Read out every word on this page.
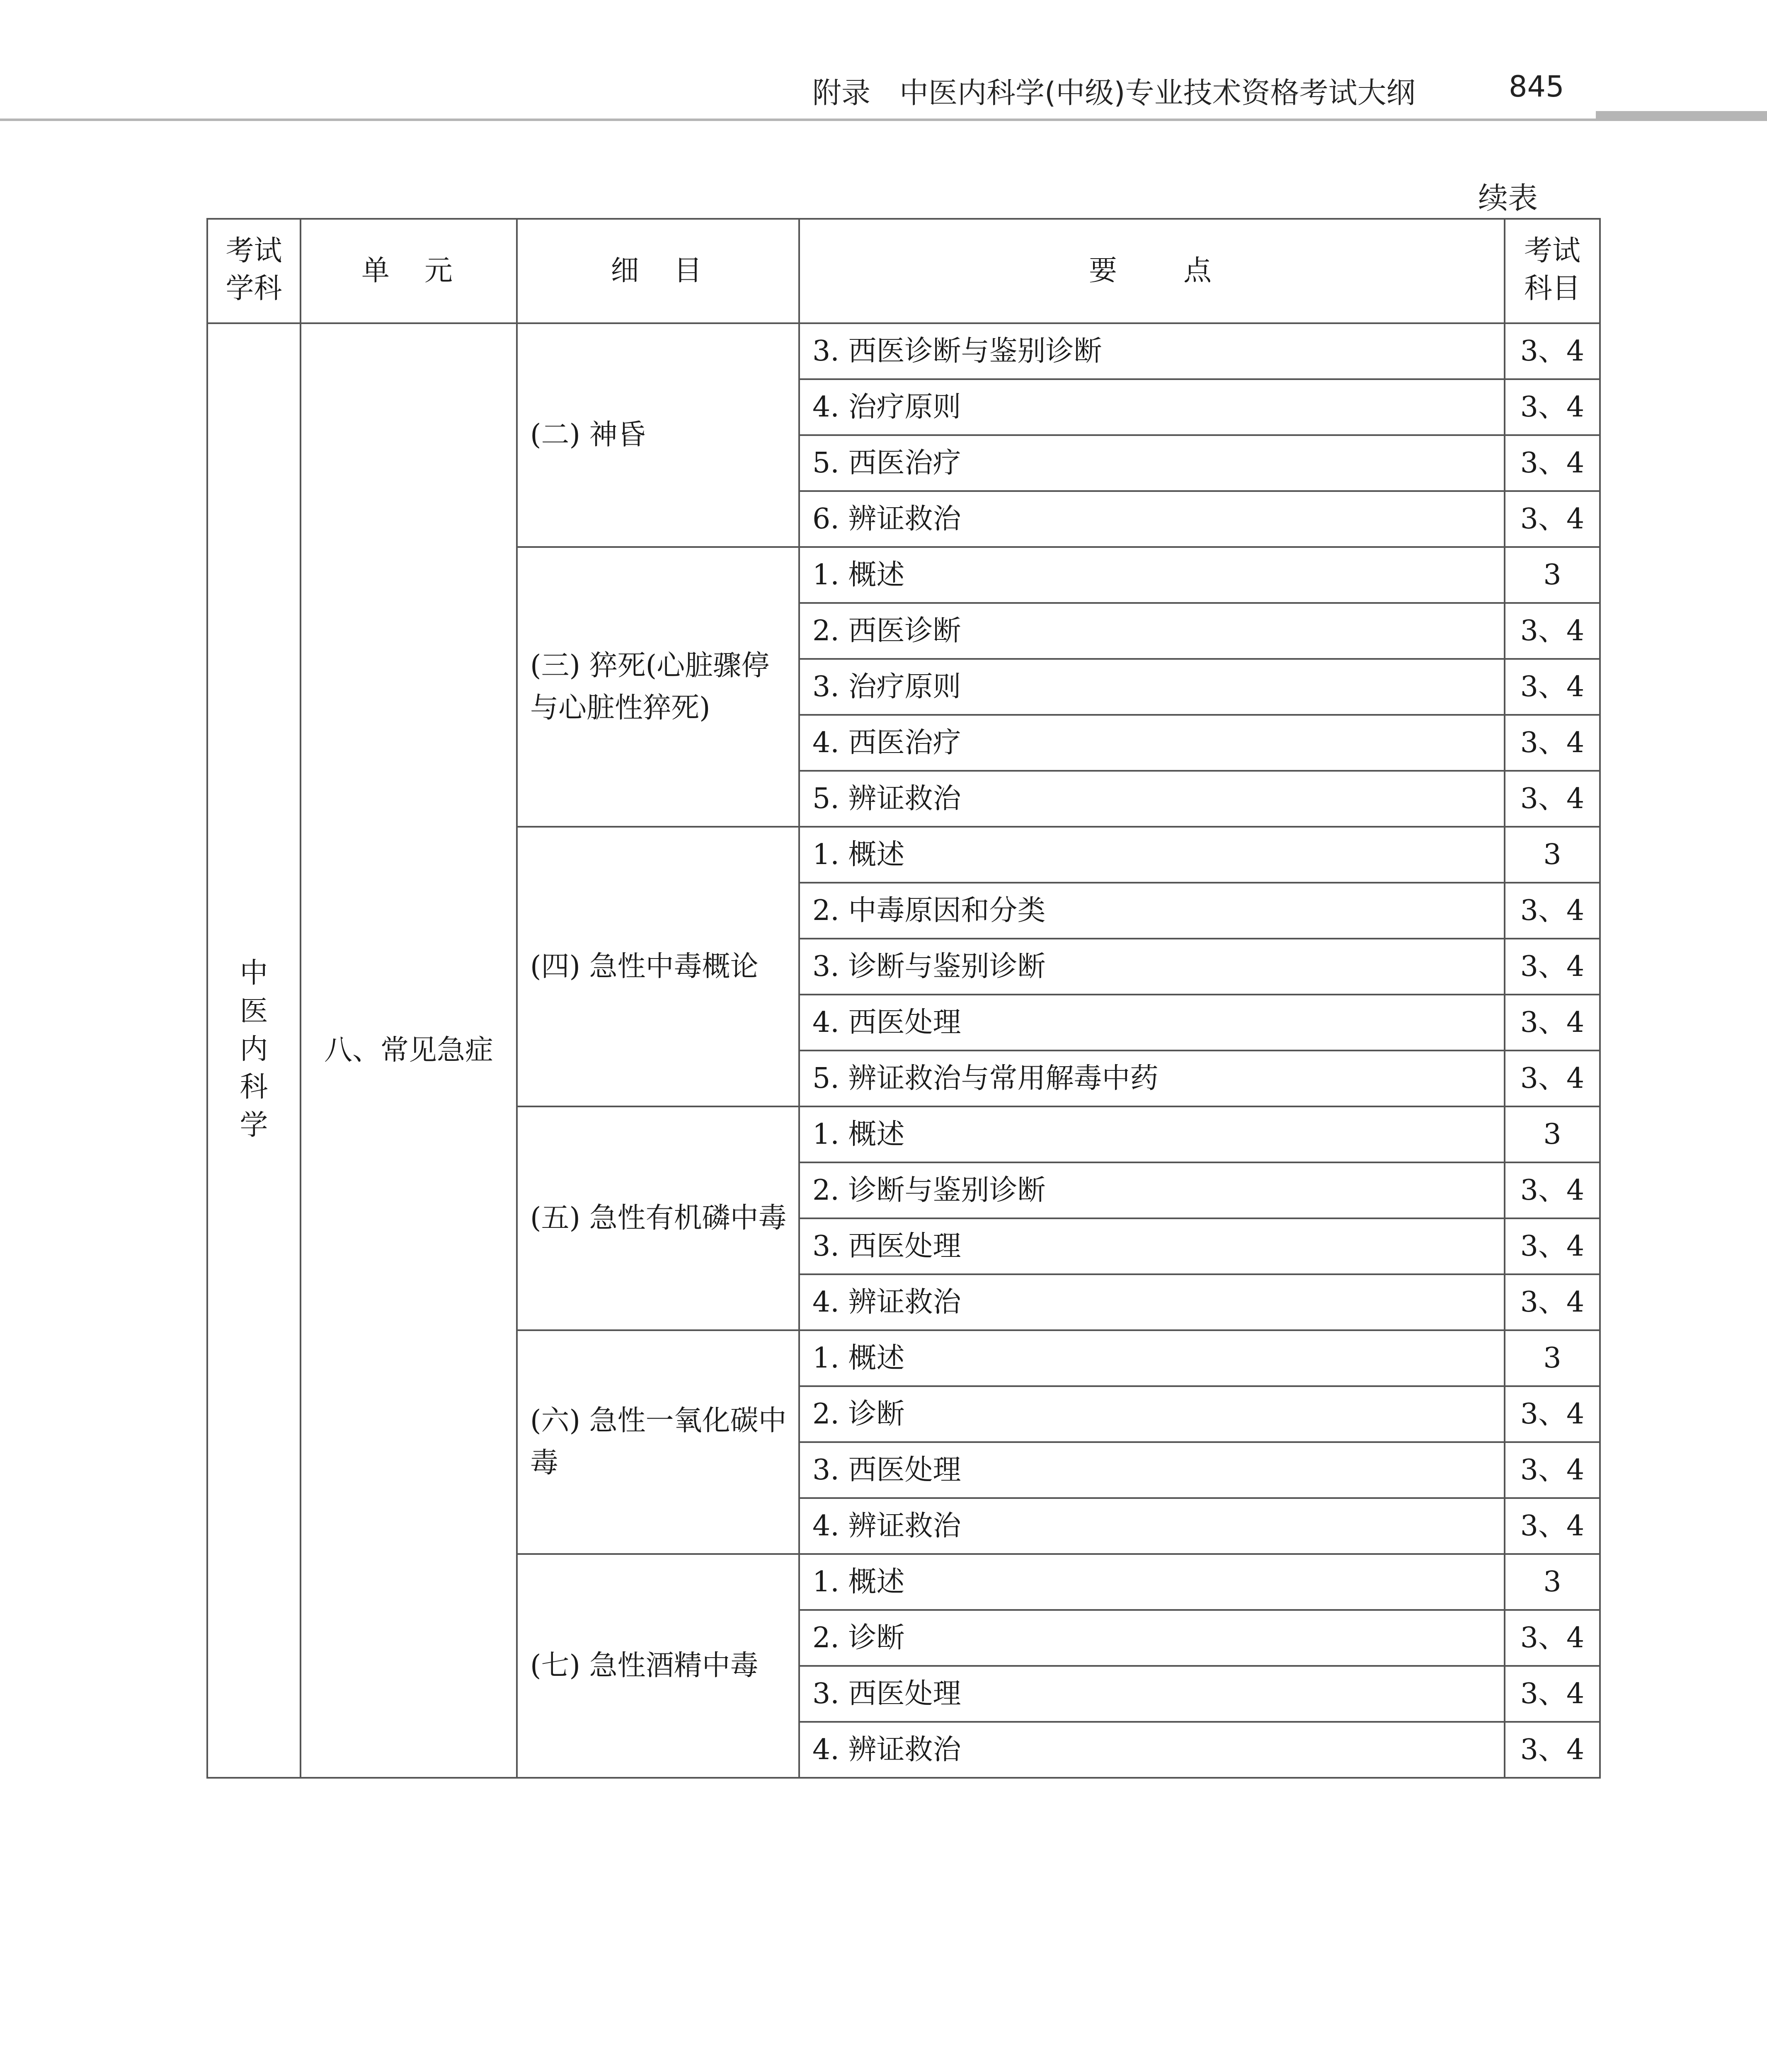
附录　中医内科学(中级)专业技术资格考试大纲	845
续表
考试学科	单　元	细　目	要　　点	考试科目
中医内科学	八、常见急症	(二) 神昏	3. 西医诊断与鉴别诊断	3、4
			4. 治疗原则	3、4
			5. 西医治疗	3、4
			6. 辨证救治	3、4
		(三) 猝死(心脏骤停与心脏性猝死)	1. 概述	3
			2. 西医诊断	3、4
			3. 治疗原则	3、4
			4. 西医治疗	3、4
			5. 辨证救治	3、4
		(四) 急性中毒概论	1. 概述	3
			2. 中毒原因和分类	3、4
			3. 诊断与鉴别诊断	3、4
			4. 西医处理	3、4
			5. 辨证救治与常用解毒中药	3、4
		(五) 急性有机磷中毒	1. 概述	3
			2. 诊断与鉴别诊断	3、4
			3. 西医处理	3、4
			4. 辨证救治	3、4
		(六) 急性一氧化碳中毒	1. 概述	3
			2. 诊断	3、4
			3. 西医处理	3、4
			4. 辨证救治	3、4
		(七) 急性酒精中毒	1. 概述	3
			2. 诊断	3、4
			3. 西医处理	3、4
			4. 辨证救治	3、4
